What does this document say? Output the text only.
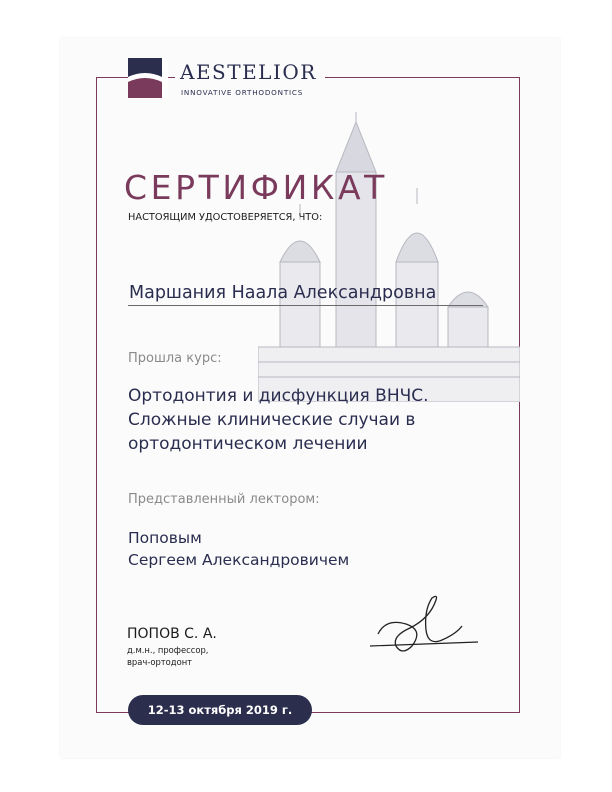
AESTELIOR
INNOVATIVE ORTHODONTICS
СЕРТИФИКАТ
НАСТОЯЩИМ УДОСТОВЕРЯЕТСЯ, ЧТО:
Маршания Наала Александровна
Прошла курс:
Ортодонтия и дисфункция ВНЧС.
Сложные клинические случаи в
ортодонтическом лечении
Представленный лектором:
Поповым
Сергеем Александровичем
ПОПОВ С. А.
д.м.н., профессор,
врач-ортодонт
12-13 октября 2019 г.
